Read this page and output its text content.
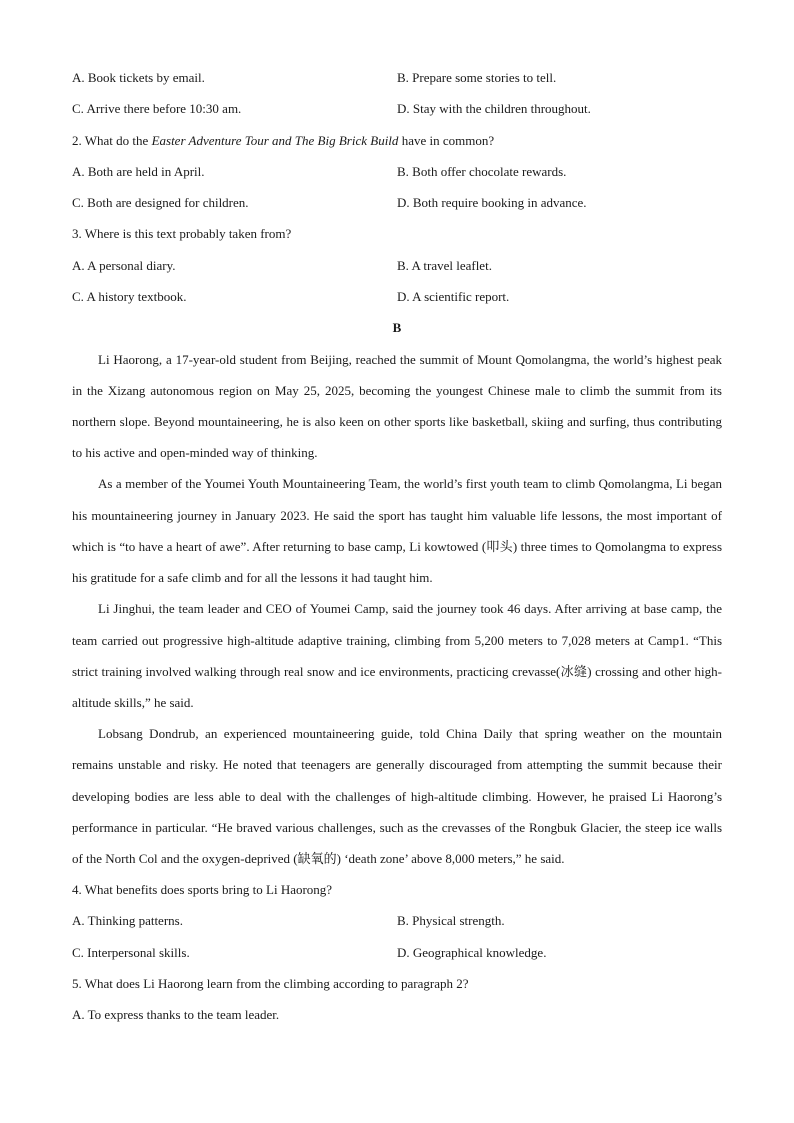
A. Book tickets by email.	B. Prepare some stories to tell.
C. Arrive there before 10:30 am.	D. Stay with the children throughout.
2. What do the Easter Adventure Tour and The Big Brick Build have in common?
A. Both are held in April.	B. Both offer chocolate rewards.
C. Both are designed for children.	D. Both require booking in advance.
3. Where is this text probably taken from?
A. A personal diary.	B. A travel leaflet.
C. A history textbook.	D. A scientific report.
B

Li Haorong, a 17-year-old student from Beijing, reached the summit of Mount Qomolangma, the world’s highest peak in the Xizang autonomous region on May 25, 2025, becoming the youngest Chinese male to climb the summit from its northern slope. Beyond mountaineering, he is also keen on other sports like basketball, skiing and surfing, thus contributing to his active and open-minded way of thinking.

As a member of the Youmei Youth Mountaineering Team, the world’s first youth team to climb Qomolangma, Li began his mountaineering journey in January 2023. He said the sport has taught him valuable life lessons, the most important of which is “to have a heart of awe”. After returning to base camp, Li kowtowed (叩头) three times to Qomolangma to express his gratitude for a safe climb and for all the lessons it had taught him.

Li Jinghui, the team leader and CEO of Youmei Camp, said the journey took 46 days. After arriving at base camp, the team carried out progressive high-altitude adaptive training, climbing from 5,200 meters to 7,028 meters at Camp1. “This strict training involved walking through real snow and ice environments, practicing crevasse(冰缝) crossing and other high-altitude skills,” he said.

Lobsang Dondrub, an experienced mountaineering guide, told China Daily that spring weather on the mountain remains unstable and risky. He noted that teenagers are generally discouraged from attempting the summit because their developing bodies are less able to deal with the challenges of high-altitude climbing. However, he praised Li Haorong’s performance in particular. “He braved various challenges, such as the crevasses of the Rongbuk Glacier, the steep ice walls of the North Col and the oxygen-deprived (缺氧的) ‘death zone’ above 8,000 meters,” he said.

4. What benefits does sports bring to Li Haorong?
A. Thinking patterns.	B. Physical strength.
C. Interpersonal skills.	D. Geographical knowledge.
5. What does Li Haorong learn from the climbing according to paragraph 2?
A. To express thanks to the team leader.
